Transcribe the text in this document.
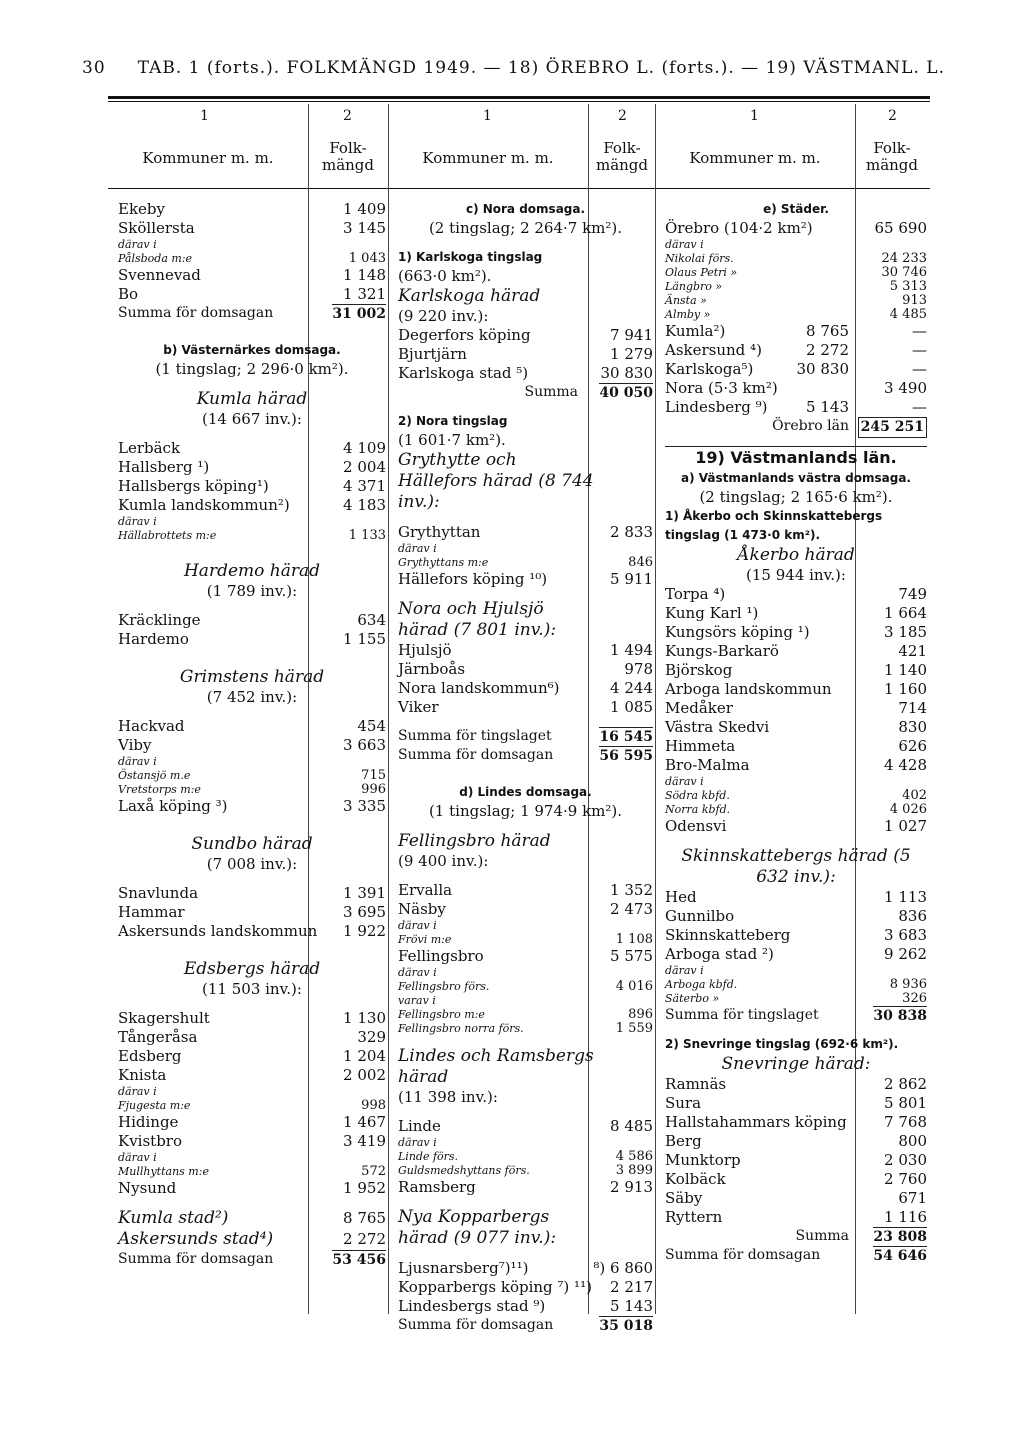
30 TAB. 1 (forts.). FOLKMÄNGD 1949. — 18) ÖREBRO L. (forts.). — 19) VÄSTMANL. L.
1	2	1	2	1	2
Kommuner m. m.
Folk-
mängd	Kommuner m. m.
Folk-
mängd	Kommuner m. m.
Folk-
mängd
Ekeby	1 409
Sköllersta	3 145
därav i
Pålsboda m:e	1 043
Svennevad	1 148
Bo	1 321
Summa för domsagan	31 002
b) Västernärkes domsaga.
(1 tingslag; 2 296·0 km²).
Kumla härad
(14 667 inv.):
Lerbäck	4 109
Hallsberg ¹)	2 004
Hallsbergs köping¹)	4 371
Kumla landskommun²)	4 183
därav i
Hällabrottets m:e	1 133
Hardemo härad
(1 789 inv.):
Kräcklinge	634
Hardemo	1 155
Grimstens härad
(7 452 inv.):
Hackvad	454
Viby	3 663
därav i
Östansjö m.e	715
Vretstorps m:e	996
Laxå köping ³)	3 335
Sundbo härad
(7 008 inv.):
Snavlunda	1 391
Hammar	3 695
Askersunds landskommun 1 922
Edsbergs härad
(11 503 inv.):
Skagershult	1 130
Tångeråsa	329
Edsberg	1 204
Knista	2 002
därav i
Fjugesta m:e	998
Hidinge	1 467
Kvistbro	3 419
därav i
Mullhyttans m:e	572
Nysund	1 952
Kumla stad²)	8 765
Askersunds stad⁴)	2 272
Summa för domsagan	53 456
c) Nora domsaga.
(2 tingslag; 2 264·7 km²).
1) Karlskoga tingslag
(663·0 km²).
Karlskoga härad
(9 220 inv.):
Degerfors köping	7 941
Bjurtjärn	1 279
Karlskoga stad ⁵)	30 830
Summa 40 050
2) Nora tingslag
(1 601·7 km²).
Grythytte och Hällefors härad (8 744 inv.):
Grythyttan	2 833
därav i
Grythyttans m:e	846
Hällefors köping ¹⁰)	5 911
Nora och Hjulsjö härad (7 801 inv.):
Hjulsjö	1 494
Järnboås	978
Nora landskommun⁶)	4 244
Viker	1 085
Summa för tingslaget	16 545
Summa för domsagan	56 595
d) Lindes domsaga.
(1 tingslag; 1 974·9 km²).
Fellingsbro härad
(9 400 inv.):
Ervalla	1 352
Näsby	2 473
därav i
Frövi m:e	1 108
Fellingsbro	5 575
därav i
Fellingsbro förs.	4 016
varav i
Fellingsbro m:e	896
Fellingsbro norra förs.	1 559
Lindes och Ramsbergs härad
(11 398 inv.):
Linde	8 485
därav i
Linde förs.	4 586
Guldsmedshyttans förs.	3 899
Ramsberg	2 913
Nya Kopparbergs härad (9 077 inv.):
Ljusnarsberg⁷)¹¹)	⁸) 6 860
Kopparbergs köping ⁷) ¹¹) 2 217
Lindesbergs stad ⁹)	5 143
Summa för domsagan	35 018
e) Städer.
Örebro (104·2 km²)	65 690
därav i
Nikolai förs.	24 233
Olaus Petri »	30 746
Längbro »	5 313
Änsta »	913
Almby »	4 485
Kumla²)	8 765	—
Askersund ⁴)	2 272	—
Karlskoga⁵)	30 830	—
Nora (5·3 km²)	3 490
Lindesberg ⁹)	5 143	—
Örebro län 245 251
19) Västmanlands län.
a) Västmanlands västra domsaga.
(2 tingslag; 2 165·6 km²).
1) Åkerbo och Skinnskattebergs tingslag (1 473·0 km²).
Åkerbo härad
(15 944 inv.):
Torpa ⁴)	749
Kung Karl ¹)	1 664
Kungsörs köping ¹)	3 185
Kungs-Barkarö	421
Björskog	1 140
Arboga landskommun	1 160
Medåker	714
Västra Skedvi	830
Himmeta	626
Bro-Malma	4 428
därav i
Södra kbfd.	402
Norra kbfd.	4 026
Odensvi	1 027
Skinnskattebergs härad (5 632 inv.):
Hed	1 113
Gunnilbo	836
Skinnskatteberg	3 683
Arboga stad ²)	9 262
därav i
Arboga kbfd.	8 936
Säterbo »	326
Summa för tingslaget	30 838
2) Snevringe tingslag (692·6 km²).
Snevringe härad:
Ramnäs	2 862
Sura	5 801
Hallstahammars köping 7 768
Berg	800
Munktorp	2 030
Kolbäck	2 760
Säby	671
Ryttern	1 116
Summa 23 808
Summa för domsagan	54 646
